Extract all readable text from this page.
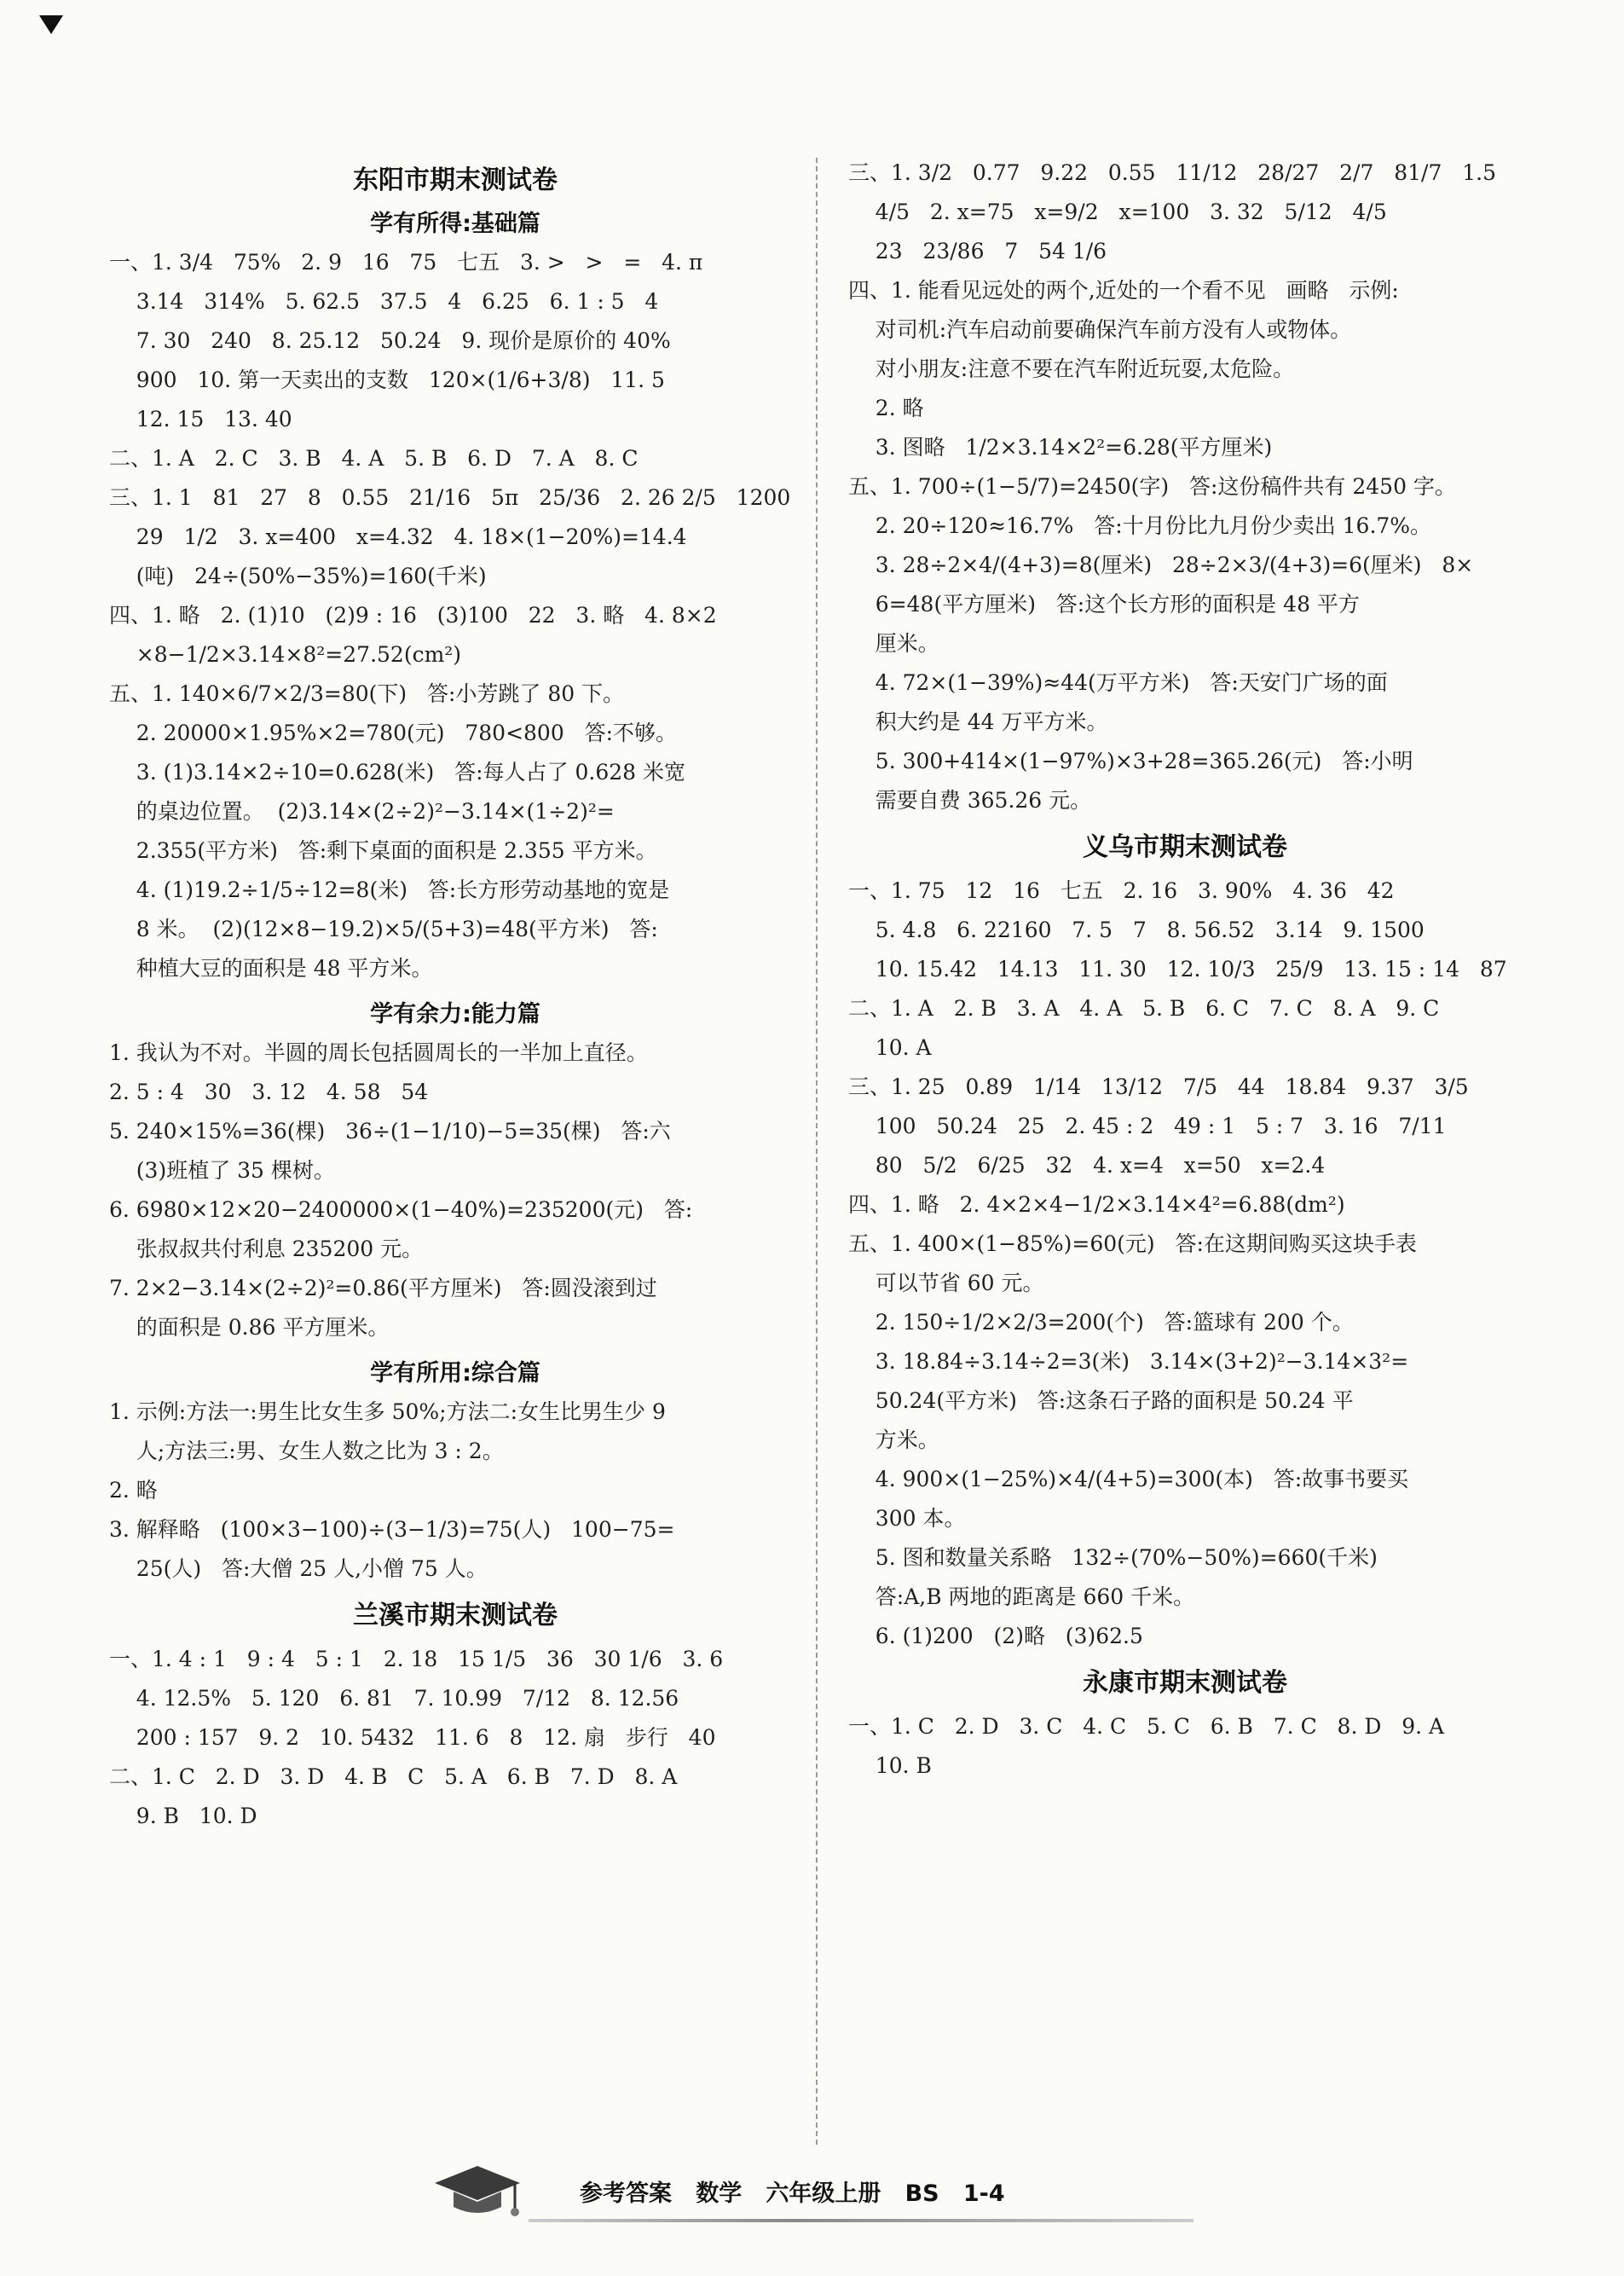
东阳市期末测试卷
学有所得:基础篇
一、1. 3/4   75%   2. 9   16   75   七五   3. >   >   =   4. π
3.14   314%   5. 62.5   37.5   4   6.25   6. 1 : 5   4
7. 30   240   8. 25.12   50.24   9. 现价是原价的 40%
900   10. 第一天卖出的支数   120×(1/6+3/8)   11. 5
12. 15   13. 40
二、1. A   2. C   3. B   4. A   5. B   6. D   7. A   8. C
三、1. 1   81   27   8   0.55   21/16   5π   25/36   2. 26 2/5   1200
29   1/2   3. x=400   x=4.32   4. 18×(1−20%)=14.4
(吨)   24÷(50%−35%)=160(千米)
四、1. 略   2. (1)10   (2)9 : 16   (3)100   22   3. 略   4. 8×2
×8−1/2×3.14×8²=27.52(cm²)
五、1. 140×6/7×2/3=80(下)   答:小芳跳了 80 下。
2. 20000×1.95%×2=780(元)   780<800   答:不够。
3. (1)3.14×2÷10=0.628(米)   答:每人占了 0.628 米宽
的桌边位置。  (2)3.14×(2÷2)²−3.14×(1÷2)²=
2.355(平方米)   答:剩下桌面的面积是 2.355 平方米。
4. (1)19.2÷1/5÷12=8(米)   答:长方形劳动基地的宽是
8 米。  (2)(12×8−19.2)×5/(5+3)=48(平方米)   答:
种植大豆的面积是 48 平方米。
学有余力:能力篇
1. 我认为不对。半圆的周长包括圆周长的一半加上直径。
2. 5 : 4   30   3. 12   4. 58   54
5. 240×15%=36(棵)   36÷(1−1/10)−5=35(棵)   答:六
(3)班植了 35 棵树。
6. 6980×12×20−2400000×(1−40%)=235200(元)   答:
张叔叔共付利息 235200 元。
7. 2×2−3.14×(2÷2)²=0.86(平方厘米)   答:圆没滚到过
的面积是 0.86 平方厘米。
学有所用:综合篇
1. 示例:方法一:男生比女生多 50%;方法二:女生比男生少 9
人;方法三:男、女生人数之比为 3 : 2。
2. 略
3. 解释略   (100×3−100)÷(3−1/3)=75(人)   100−75=
25(人)   答:大僧 25 人,小僧 75 人。
兰溪市期末测试卷
一、1. 4 : 1   9 : 4   5 : 1   2. 18   15 1/5   36   30 1/6   3. 6
4. 12.5%   5. 120   6. 81   7. 10.99   7/12   8. 12.56
200 : 157   9. 2   10. 5432   11. 6   8   12. 扇   步行   40
二、1. C   2. D   3. D   4. B   C   5. A   6. B   7. D   8. A
9. B   10. D
三、1. 3/2   0.77   9.22   0.55   11/12   28/27   2/7   81/7   1.5
4/5   2. x=75   x=9/2   x=100   3. 32   5/12   4/5
23   23/86   7   54 1/6
四、1. 能看见远处的两个,近处的一个看不见   画略   示例:
对司机:汽车启动前要确保汽车前方没有人或物体。
对小朋友:注意不要在汽车附近玩耍,太危险。
2. 略
3. 图略   1/2×3.14×2²=6.28(平方厘米)
五、1. 700÷(1−5/7)=2450(字)   答:这份稿件共有 2450 字。
2. 20÷120≈16.7%   答:十月份比九月份少卖出 16.7%。
3. 28÷2×4/(4+3)=8(厘米)   28÷2×3/(4+3)=6(厘米)   8×
6=48(平方厘米)   答:这个长方形的面积是 48 平方
厘米。
4. 72×(1−39%)≈44(万平方米)   答:天安门广场的面
积大约是 44 万平方米。
5. 300+414×(1−97%)×3+28=365.26(元)   答:小明
需要自费 365.26 元。
义乌市期末测试卷
一、1. 75   12   16   七五   2. 16   3. 90%   4. 36   42
5. 4.8   6. 22160   7. 5   7   8. 56.52   3.14   9. 1500
10. 15.42   14.13   11. 30   12. 10/3   25/9   13. 15 : 14   87
二、1. A   2. B   3. A   4. A   5. B   6. C   7. C   8. A   9. C
10. A
三、1. 25   0.89   1/14   13/12   7/5   44   18.84   9.37   3/5
100   50.24   25   2. 45 : 2   49 : 1   5 : 7   3. 16   7/11
80   5/2   6/25   32   4. x=4   x=50   x=2.4
四、1. 略   2. 4×2×4−1/2×3.14×4²=6.88(dm²)
五、1. 400×(1−85%)=60(元)   答:在这期间购买这块手表
可以节省 60 元。
2. 150÷1/2×2/3=200(个)   答:篮球有 200 个。
3. 18.84÷3.14÷2=3(米)   3.14×(3+2)²−3.14×3²=
50.24(平方米)   答:这条石子路的面积是 50.24 平
方米。
4. 900×(1−25%)×4/(4+5)=300(本)   答:故事书要买
300 本。
5. 图和数量关系略   132÷(70%−50%)=660(千米)
答:A,B 两地的距离是 660 千米。
6. (1)200   (2)略   (3)62.5
永康市期末测试卷
一、1. C   2. D   3. C   4. C   5. C   6. B   7. C   8. D   9. A
10. B
参考答案   数学   六年级上册   BS   1-4
